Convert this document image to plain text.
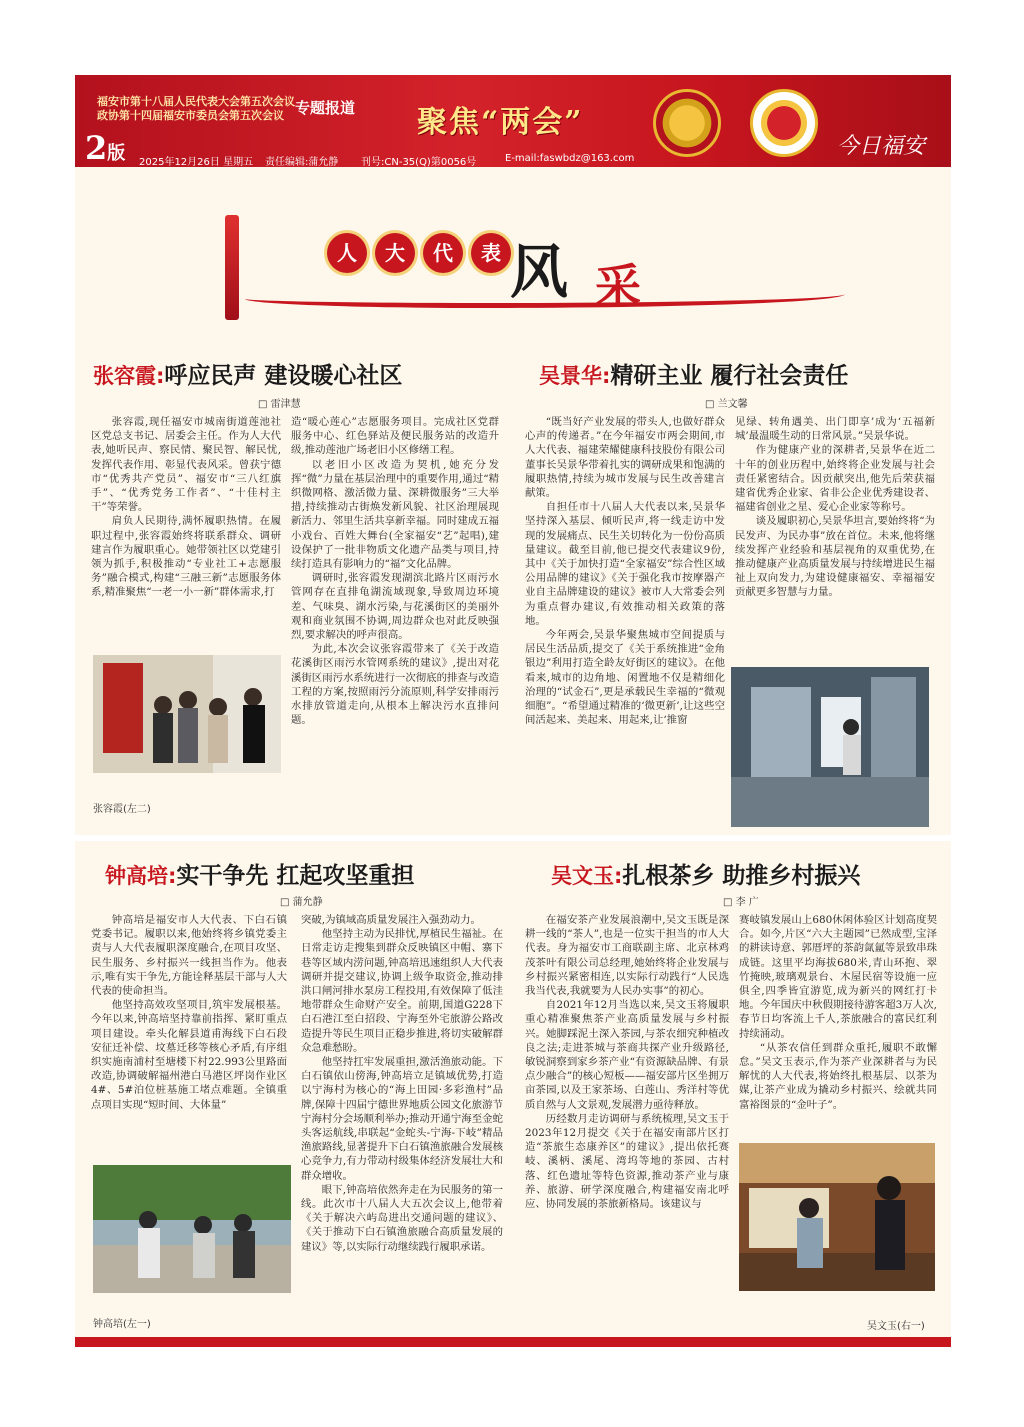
福安市第十八届人民代表大会第五次会议
政协第十四届福安市委员会第五次会议 专题报道 聚焦“两会”
2版 2025年12月26日 星期五 责任编辑:蒲允静 刊号:CN-35(Q)第0056号	E-mail:faswbdz@163.com	今日福安
人	大	代	表 风 采
张容霞:呼应民声 建设暖心社区
□ 雷津慧

张容霞,现任福安市城南街道莲池社区党总支书记、居委会主任。作为人大代表,她听民声、察民情、聚民智、解民忧,发挥代表作用、彰显代表风采。曾获宁德市“优秀共产党员”、福安市“三八红旗手”、“优秀党务工作者”、“十佳村主干”等荣誉。

肩负人民期待,满怀履职热情。在履职过程中,张容霞始终将联系群众、调研建言作为履职重心。她带领社区以党建引领为抓手,积极推动“专业社工+志愿服务”融合模式,构建“三融三新”志愿服务体系,精准聚焦“一老一小一新”群体需求,打

张容霞(左二)

造“暖心莲心”志愿服务项目。完成社区党群服务中心、红色驿站及便民服务站的改造升级,推动莲池广场老旧小区修缮工程。

以老旧小区改造为契机,她充分发挥“微”力量在基层治理中的重要作用,通过“精织微网格、激活微力量、深耕微服务”三大举措,持续推动古街焕发新风貌、社区治理展现新活力、邻里生活共享新幸福。同时建成五福小戏台、百姓大舞台(全家福安“艺”起唱),建设保护了一批非物质文化遗产品类与项目,持续打造具有影响力的“福”文化品牌。

调研时,张容霞发现湖滨北路片区雨污水管网存在直排龟湖流域现象,导致周边环境差、气味臭、湖水污染,与花溪街区的美丽外观和商业氛围不协调,周边群众也对此反映强烈,要求解决的呼声很高。

为此,本次会议张容霞带来了《关于改造花溪街区雨污水管网系统的建议》,提出对花溪街区雨污水系统进行一次彻底的排查与改造工程的方案,按照雨污分流原则,科学安排雨污水排放管道走向,从根本上解决污水直排问题。

吴景华:精研主业 履行社会责任
□ 兰文馨

“既当好产业发展的带头人,也做好群众心声的传递者。”在今年福安市两会期间,市人大代表、福建荣耀健康科技股份有限公司董事长吴景华带着扎实的调研成果和饱满的履职热情,持续为城市发展与民生改善建言献策。

自担任市十八届人大代表以来,吴景华坚持深入基层、倾听民声,将一线走访中发现的发展痛点、民生关切转化为一份份高质量建议。截至目前,他已提交代表建议9份,其中《关于加快打造“全家福安”综合性区域公用品牌的建议》《关于强化我市按摩器产业自主品牌建设的建议》被市人大常委会列为重点督办建议,有效推动相关政策的落地。

今年两会,吴景华聚焦城市空间提质与居民生活品质,提交了《关于系统推进“金角银边”利用打造全龄友好街区的建议》。在他看来,城市的边角地、闲置地不仅是精细化治理的“试金石”,更是承载民生幸福的“微观细胞”。“希望通过精准的‘微更新’,让这些空间活起来、美起来、用起来,让‘推窗

见绿、转角遇美、出门即享’成为‘五福新城’最温暖生动的日常风景。”吴景华说。

作为健康产业的深耕者,吴景华在近二十年的创业历程中,始终将企业发展与社会责任紧密结合。因贡献突出,他先后荣获福建省优秀企业家、省非公企业优秀建设者、福建省创业之星、爱心企业家等称号。

谈及履职初心,吴景华坦言,要始终将“为民发声、为民办事”放在首位。未来,他将继续发挥产业经验和基层视角的双重优势,在推动健康产业高质量发展与持续增进民生福祉上双向发力,为建设健康福安、幸福福安贡献更多智慧与力量。

钟高培:实干争先 扛起攻坚重担
□ 蒲允静

钟高培是福安市人大代表、下白石镇党委书记。履职以来,他始终将乡镇党委主责与人大代表履职深度融合,在项目攻坚、民生服务、乡村振兴一线担当作为。他表示,唯有实干争先,方能诠释基层干部与人大代表的使命担当。

他坚持高效攻坚项目,筑牢发展根基。今年以来,钟高培坚持靠前指挥、紧盯重点项目建设。牵头化解县道甫海线下白石段安征迁补偿、坟墓迁移等核心矛盾,有序组织实施南浦村至塘楼下村22.993公里路面改造,协调破解福州港白马港区坪岗作业区4#、5#泊位桩基施工堵点难题。全镇重点项目实现“短时间、大体量”

钟高培(左一)

突破,为镇域高质量发展注入强劲动力。

他坚持主动为民排忧,厚植民生福祉。在日常走访走搜集到群众反映镇区中帽、寨下巷等区域内涝问题,钟高培迅速组织人大代表调研并提交建议,协调上级争取资金,推动排洪口闸河排水泵房工程投用,有效保障了低洼地带群众生命财产安全。前期,国道G228下白石港江至白招段、宁海至外宅旅游公路改造提升等民生项目正稳步推进,将切实破解群众急难愁盼。

他坚持扛牢发展重担,激活渔旅动能。下白石镇依山傍海,钟高培立足镇域优势,打造以宁海村为核心的“海上田园·多彩渔村”品牌,保障十四届宁德世界地质公园文化旅游节宁海村分会场顺利举办;推动开通宁海至金蛇头客运航线,串联起“金蛇头-宁海-下岐”精品渔旅路线,显著提升下白石镇渔旅融合发展核心竞争力,有力带动村级集体经济发展壮大和群众增收。

眼下,钟高培依然奔走在为民服务的第一线。此次市十八届人大五次会议上,他带着《关于解决六屿岛进出交通问题的建议》、《关于推动下白石镇渔旅融合高质量发展的建议》等,以实际行动继续践行履职承诺。

吴文玉:扎根茶乡 助推乡村振兴
□ 李 广

在福安茶产业发展浪潮中,吴文玉既是深耕一线的“茶人”,也是一位实干担当的市人大代表。身为福安市工商联副主席、北京林鸡茂茶叶有限公司总经理,她始终将企业发展与乡村振兴紧密相连,以实际行动践行“人民选我当代表,我就要为人民办实事”的初心。

自2021年12月当选以来,吴文玉将履职重心精准聚焦茶产业高质量发展与乡村振兴。她脚踩泥土深入茶园,与茶农细究种植改良之法;走进茶城与茶商共探产业升级路径,敏锐洞察到家乡茶产业“有资源缺品牌、有景点少融合”的核心短板——福安部片区坐拥万亩茶园,以及王家茶场、白莲山、秀洋村等优质自然与人文景观,发展潜力亟待释放。

历经数月走访调研与系统梳理,吴文玉于2023年12月提交《关于在福安南部片区打造“茶旅生态康养区”的建议》,提出依托赛岐、溪柄、溪尾、湾坞等地的茶园、古村落、红色遗址等特色资源,推动茶产业与康养、旅游、研学深度融合,构建福安南北呼应、协同发展的茶旅新格局。该建议与

赛岐镇发展山上680休闲体验区计划高度契合。如今,片区“六大主题园”已然成型,宝泽的耕读诗意、郭厝坪的茶韵氤氲等景致串珠成链。这里平均海拔680米,青山环抱、翠竹掩映,玻璃观景台、木屋民宿等设施一应俱全,四季皆宜游览,成为新兴的网红打卡地。今年国庆中秋假期接待游客超3万人次,春节日均客流上千人,茶旅融合的富民红利持续涌动。

“从茶农信任到群众重托,履职不敢懈怠。”吴文玉表示,作为茶产业深耕者与为民解忧的人大代表,将始终扎根基层、以茶为媒,让茶产业成为撬动乡村振兴、绘就共同富裕图景的“金叶子”。

吴文玉(右一)
